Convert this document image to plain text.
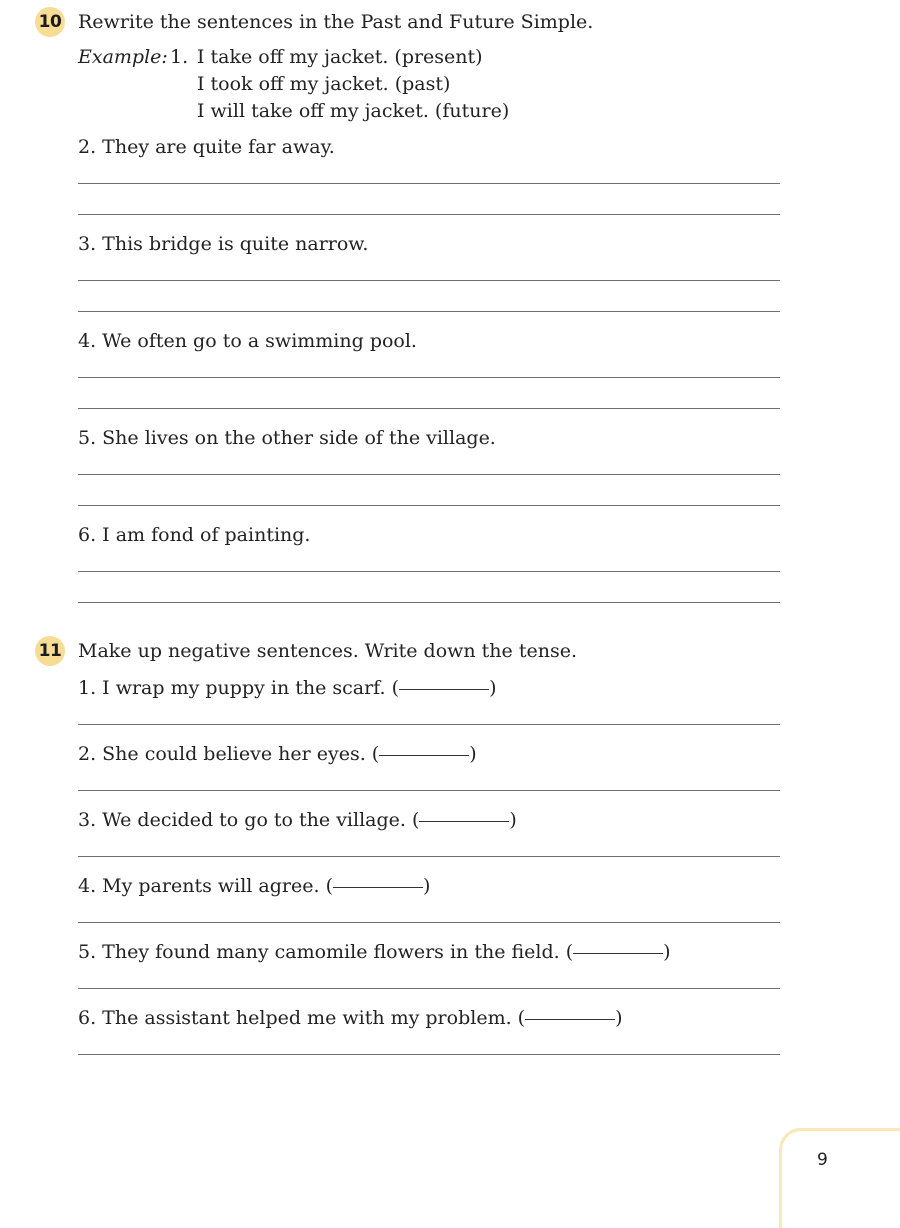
10 Rewrite the sentences in the Past and Future Simple.
Example: 1. I take off my jacket. (present)
I took off my jacket. (past)
I will take off my jacket. (future)
2. They are quite far away.
3. This bridge is quite narrow.
4. We often go to a swimming pool.
5. She lives on the other side of the village.
6. I am fond of painting.
11 Make up negative sentences. Write down the tense.
1. I wrap my puppy in the scarf. (	)
2. She could believe her eyes. (	)
3. We decided to go to the village. (	)
4. My parents will agree. (	)
5. They found many camomile flowers in the field. (	)
6. The assistant helped me with my problem. (	)
9
